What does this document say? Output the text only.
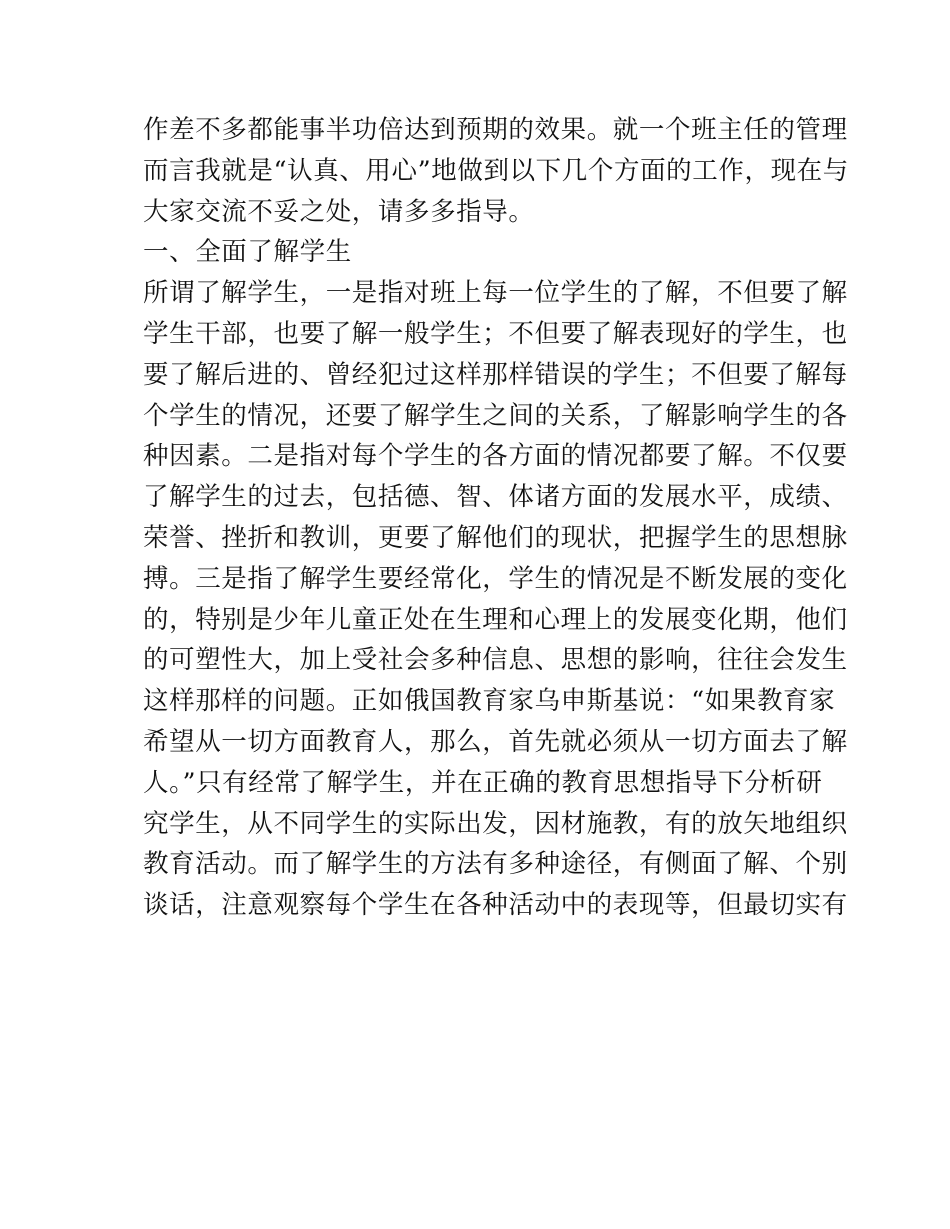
作差不多都能事半功倍达到预期的效果。就一个班主任的管理
而言我就是“认真、用心”地做到以下几个方面的工作，现在与
大家交流不妥之处，请多多指导。
一、全面了解学生
所谓了解学生，一是指对班上每一位学生的了解，不但要了解
学生干部，也要了解一般学生；不但要了解表现好的学生，也
要了解后进的、曾经犯过这样那样错误的学生；不但要了解每
个学生的情况，还要了解学生之间的关系，了解影响学生的各
种因素。二是指对每个学生的各方面的情况都要了解。不仅要
了解学生的过去，包括德、智、体诸方面的发展水平，成绩、
荣誉、挫折和教训，更要了解他们的现状，把握学生的思想脉
搏。三是指了解学生要经常化，学生的情况是不断发展的变化
的，特别是少年儿童正处在生理和心理上的发展变化期，他们
的可塑性大，加上受社会多种信息、思想的影响，往往会发生
这样那样的问题。正如俄国教育家乌申斯基说：“如果教育家
希望从一切方面教育人，那么，首先就必须从一切方面去了解
人。”只有经常了解学生，并在正确的教育思想指导下分析研
究学生，从不同学生的实际出发，因材施教，有的放矢地组织
教育活动。而了解学生的方法有多种途径，有侧面了解、个别
谈话，注意观察每个学生在各种活动中的表现等，但最切实有
